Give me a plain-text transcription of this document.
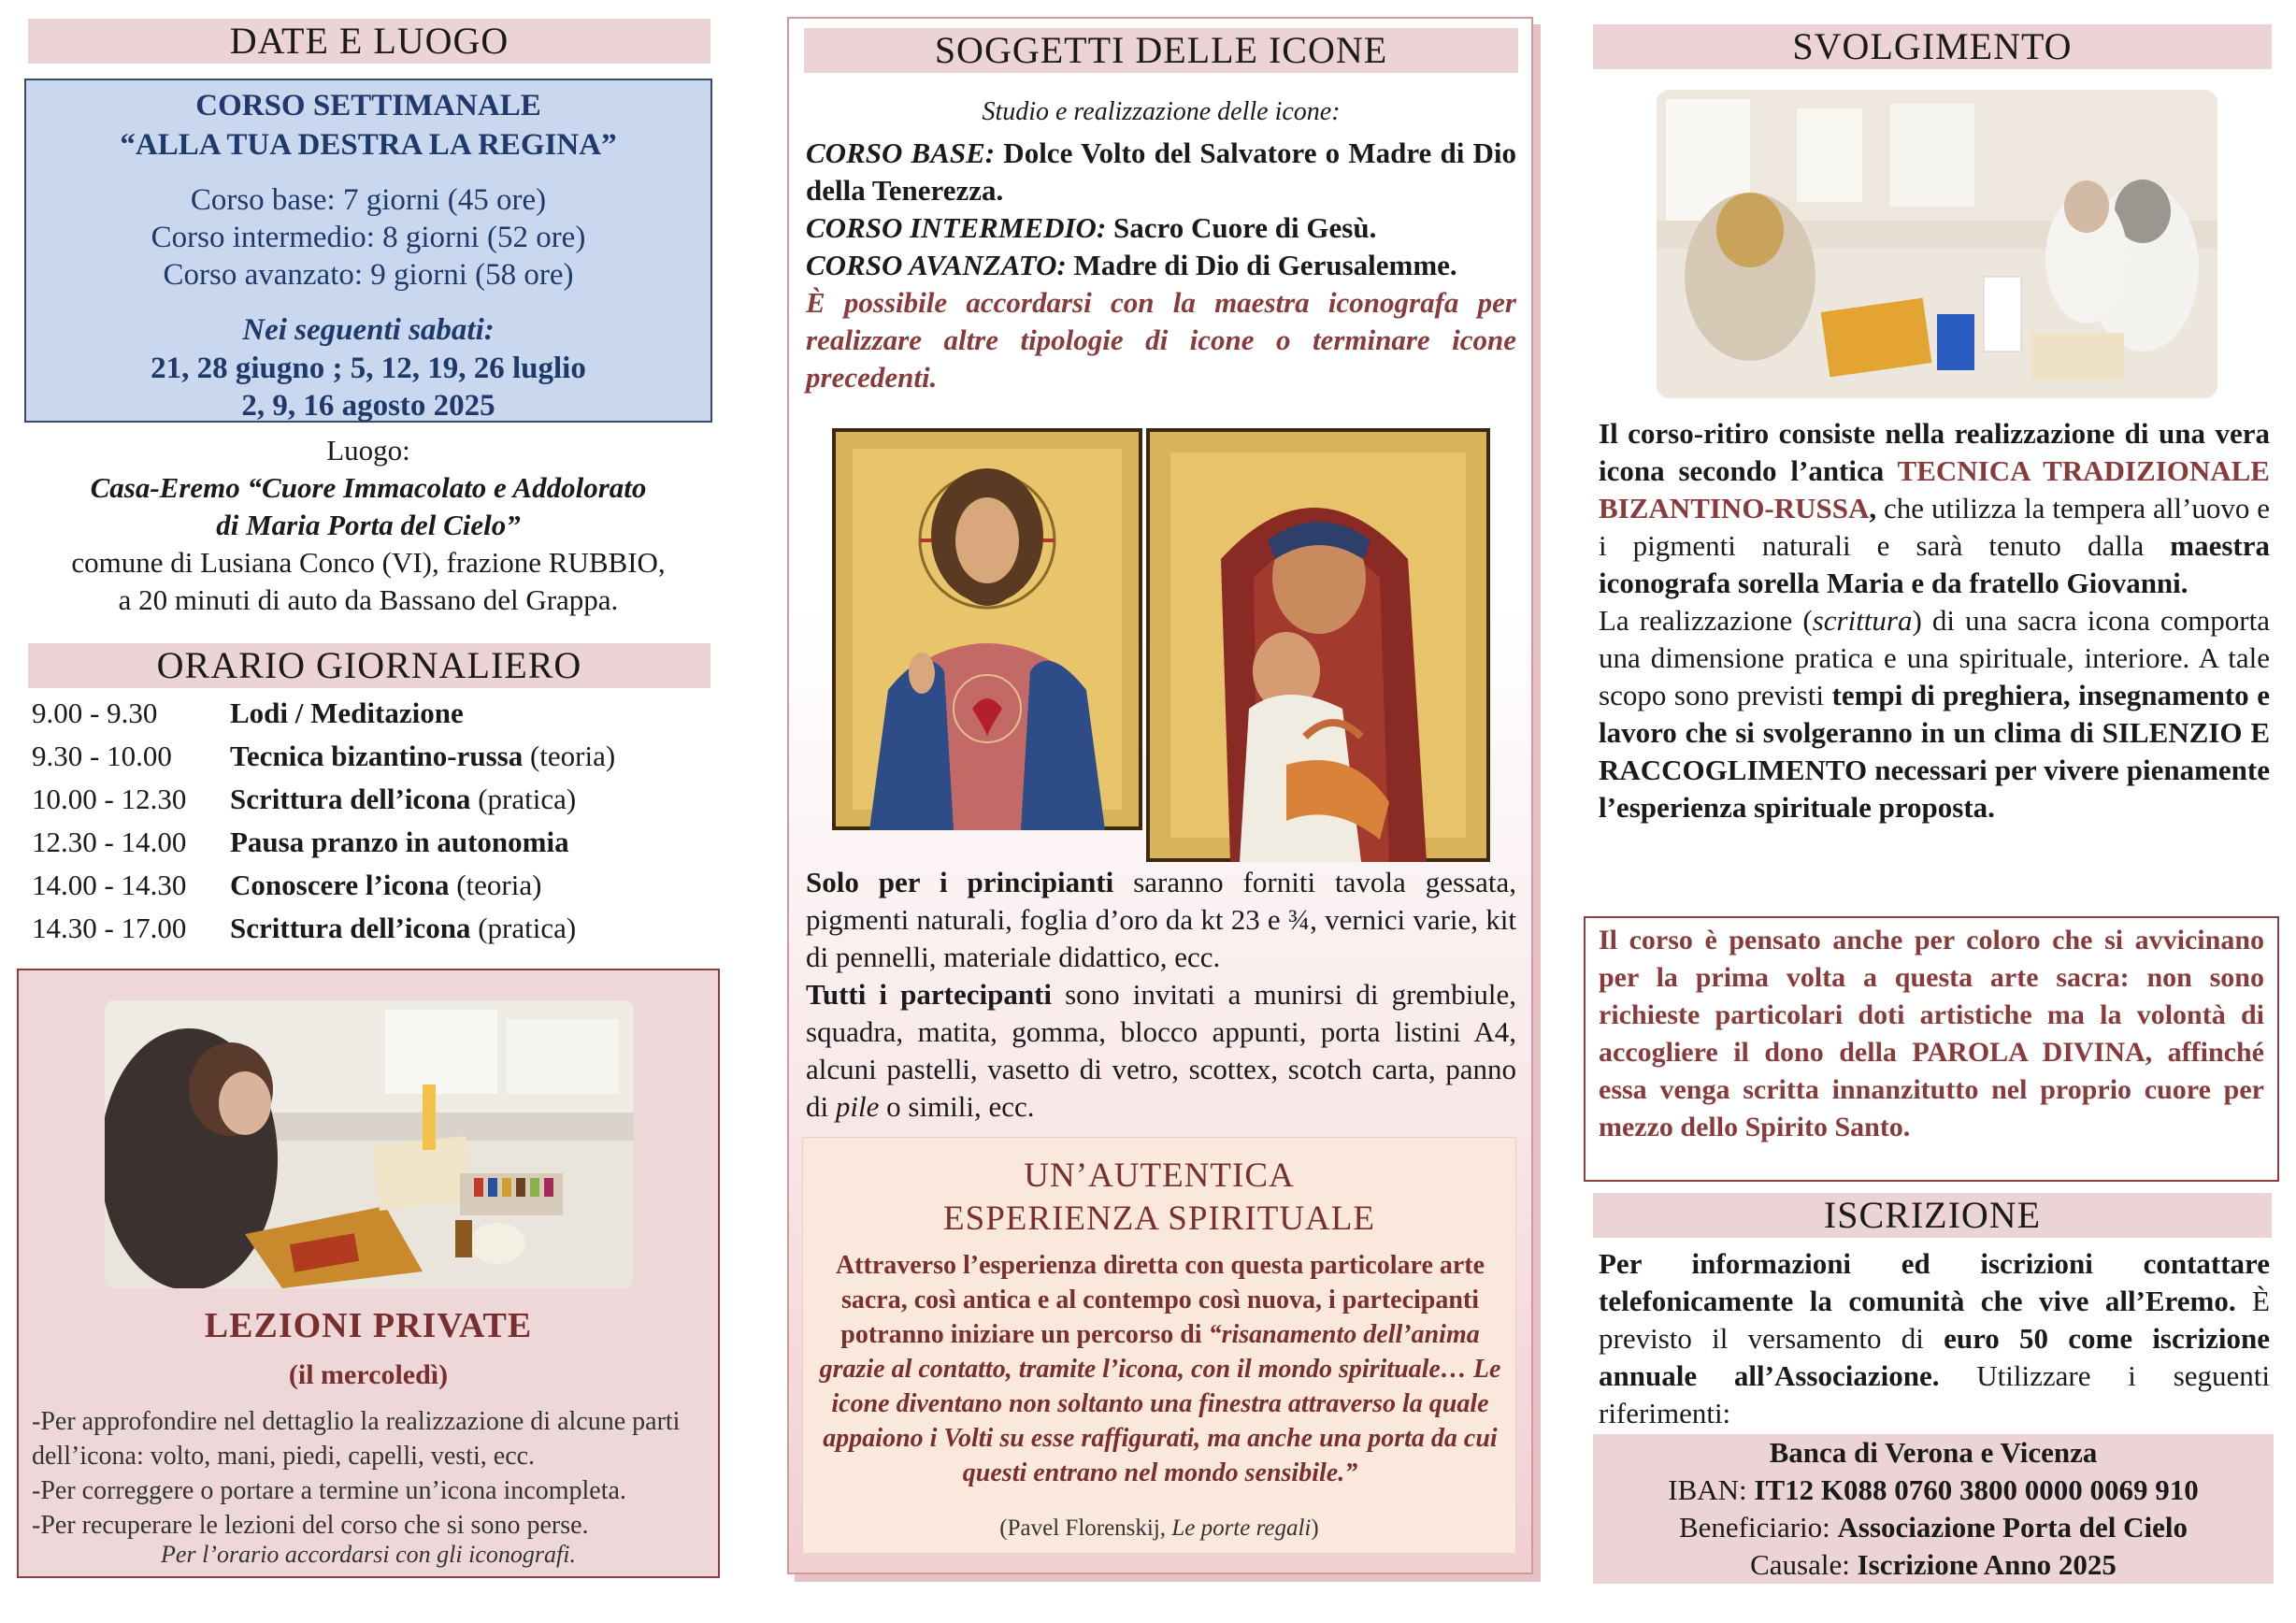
DATE E LUOGO
CORSO SETTIMANALE
“ALLA TUA DESTRA LA REGINA”
Corso base: 7 giorni (45 ore)
Corso intermedio: 8 giorni (52 ore)
Corso avanzato: 9 giorni (58 ore)
Nei seguenti sabati:
21, 28 giugno ; 5, 12, 19, 26 luglio
2, 9, 16 agosto 2025
Luogo:
Casa-Eremo “Cuore Immacolato e Addolorato
di Maria Porta del Cielo”
comune di Lusiana Conco (VI), frazione RUBBIO,
a 20 minuti di auto da Bassano del Grappa.
ORARIO GIORNALIERO
9.00 - 9.30	Lodi / Meditazione
9.30 - 10.00	Tecnica bizantino-russa (teoria)
10.00 - 12.30	Scrittura dell’icona (pratica)
12.30 - 14.00	Pausa pranzo in autonomia
14.00 - 14.30	Conoscere l’icona (teoria)
14.30 - 17.00	Scrittura dell’icona (pratica)
LEZIONI PRIVATE
(il mercoledì)
-Per approfondire nel dettaglio la realizzazione di alcune parti dell’icona: volto, mani, piedi, capelli, vesti, ecc.
-Per correggere o portare a termine un’icona incompleta.
-Per recuperare le lezioni del corso che si sono perse.
Per l’orario accordarsi con gli iconografi.
SOGGETTI DELLE ICONE
Studio e realizzazione delle icone:
CORSO BASE: Dolce Volto del Salvatore o Madre di Dio della Tenerezza.
CORSO INTERMEDIO: Sacro Cuore di Gesù.
CORSO AVANZATO: Madre di Dio di Gerusalemme.
È possibile accordarsi con la maestra iconografa per realizzare altre tipologie di icone o terminare icone precedenti.
Solo per i principianti saranno forniti tavola gessata, pigmenti naturali, foglia d’oro da kt 23 e ¾, vernici varie, kit di pennelli, materiale didattico, ecc.
Tutti i partecipanti sono invitati a munirsi di grembiule, squadra, matita, gomma, blocco appunti, porta listini A4, alcuni pastelli, vasetto di vetro, scottex, scotch carta, panno di pile o simili, ecc.
UN’AUTENTICA
ESPERIENZA SPIRITUALE
Attraverso l’esperienza diretta con questa particolare arte sacra, così antica e al contempo così nuova, i partecipanti potranno iniziare un percorso di “risanamento dell’anima grazie al contatto, tramite l’icona, con il mondo spirituale… Le icone diventano non soltanto una finestra attraverso la quale appaiono i Volti su esse raffigurati, ma anche una porta da cui questi entrano nel mondo sensibile.”
(Pavel Florenskij, Le porte regali)
SVOLGIMENTO
Il corso-ritiro consiste nella realizzazione di una vera icona secondo l’antica TECNICA TRADIZIONALE BIZANTINO-RUSSA, che utilizza la tempera all’uovo e i pigmenti naturali e sarà tenuto dalla maestra iconografa sorella Maria e da fratello Giovanni.
La realizzazione (scrittura) di una sacra icona comporta una dimensione pratica e una spirituale, interiore. A tale scopo sono previsti tempi di preghiera, insegnamento e lavoro che si svolgeranno in un clima di SILENZIO E RACCOGLIMENTO necessari per vivere pienamente l’esperienza spirituale proposta.

Il corso è pensato anche per coloro che si avvicinano per la prima volta a questa arte sacra: non sono richieste particolari doti artistiche ma la volontà di accogliere il dono della PAROLA DIVINA, affinché essa venga scritta innanzitutto nel proprio cuore per mezzo dello Spirito Santo.

ISCRIZIONE
Per informazioni ed iscrizioni contattare telefonicamente la comunità che vive all’Eremo. È previsto il versamento di euro 50 come iscrizione annuale all’Associazione. Utilizzare i seguenti riferimenti:
Banca di Verona e Vicenza
IBAN: IT12 K088 0760 3800 0000 0069 910
Beneficiario: Associazione Porta del Cielo
Causale: Iscrizione Anno 2025
